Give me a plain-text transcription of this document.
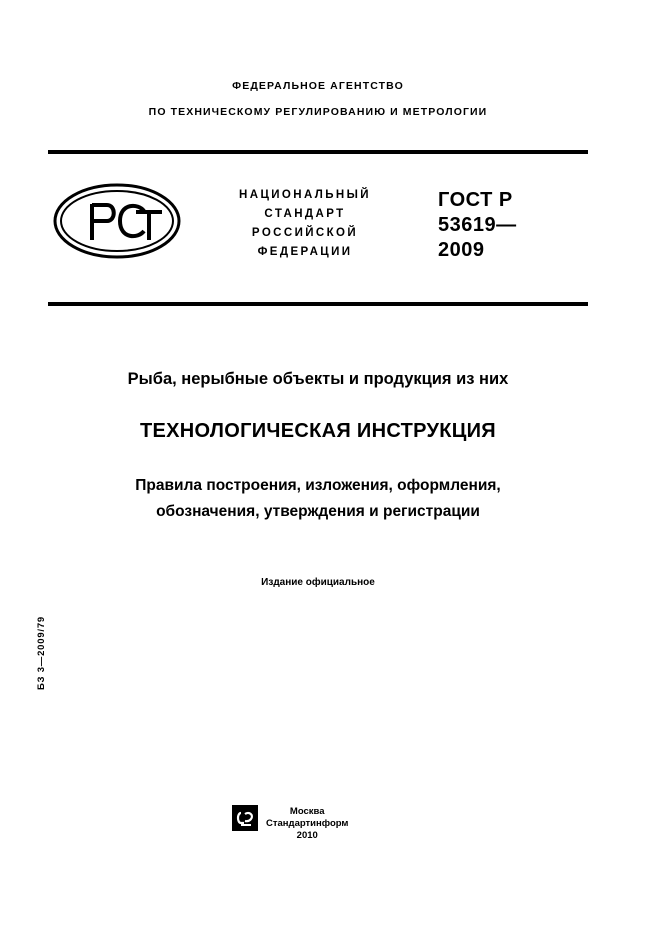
ФЕДЕРАЛЬНОЕ АГЕНТСТВО
ПО ТЕХНИЧЕСКОМУ РЕГУЛИРОВАНИЮ И МЕТРОЛОГИИ
НАЦИОНАЛЬНЫЙ
СТАНДАРТ
РОССИЙСКОЙ
ФЕДЕРАЦИИ
ГОСТ Р
53619—
2009
Рыба, нерыбные объекты и продукция из них
ТЕХНОЛОГИЧЕСКАЯ ИНСТРУКЦИЯ
Правила построения, изложения, оформления,
обозначения, утверждения и регистрации
Издание официальное
БЗ 3—2009/79
Москва
Стандартинформ
2010
